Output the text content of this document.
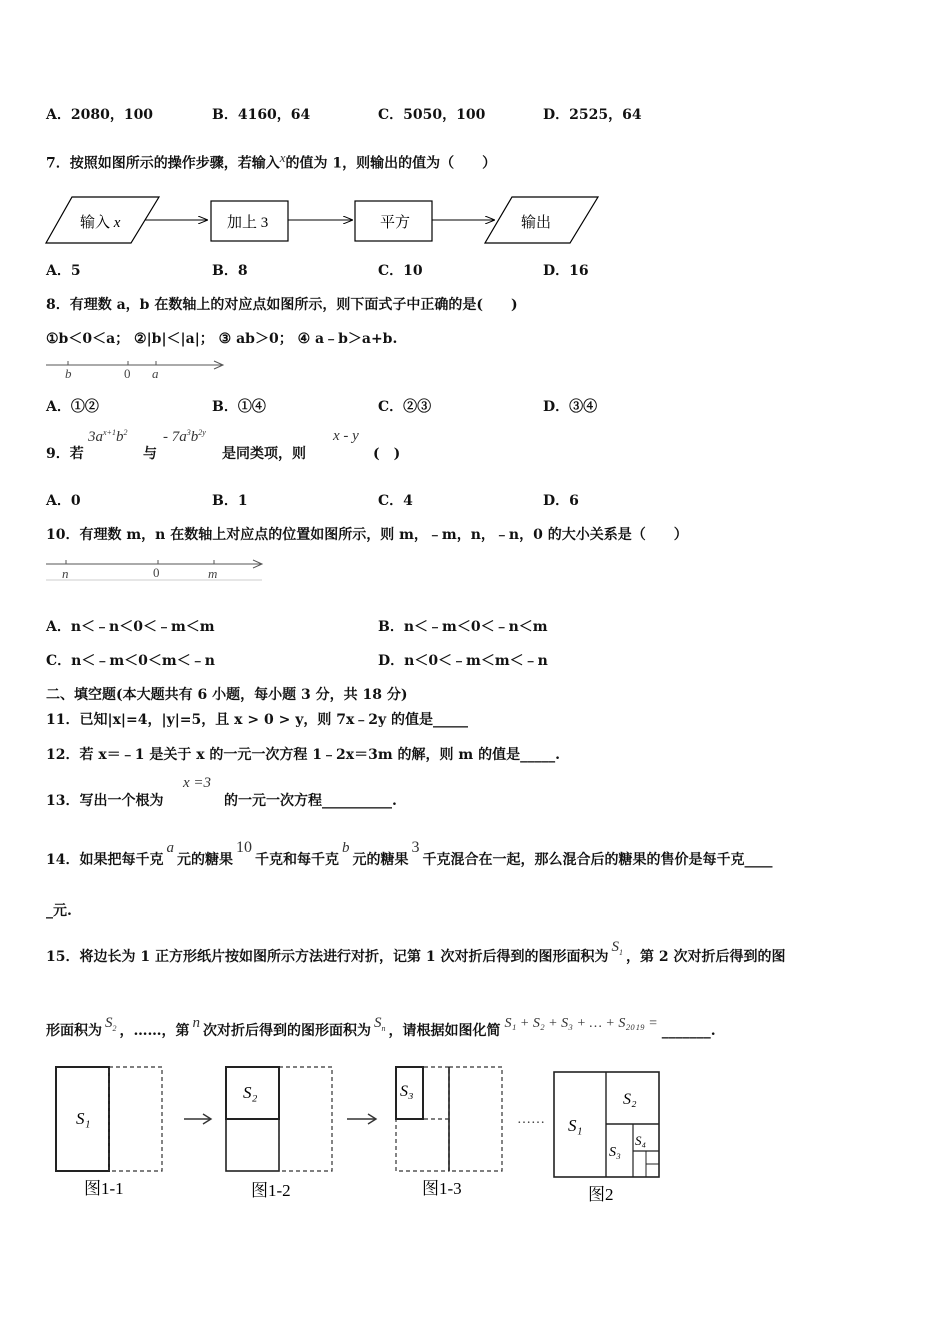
A．2080，100	B．4160，64	C．5050，100	D．2525，64
7．按照如图所示的操作步骤，若输入$^x$的值为 1，则输出的值为（　　）
输入 x	加上 3	平方	输出
A．5	B．8	C．10	D．16
8．有理数 a，b 在数轴上的对应点如图所示，则下面式子中正确的是(　　)
①b＜0＜a； ②|b|＜|a|； ③ ab＞0； ④ a﹣b＞a+b.
b	0 a
A．①②	B．①④	C．②③	D．③④
9．若
$3a^{x+1}b^2$
与
- $7a^3b^{2y}$
是同类项，则
x - y
(　)
A．0	B．1	C．4	D．6
10．有理数 m，n 在数轴上对应点的位置如图所示，则 m，﹣m，n，﹣n，0 的大小关系是（　　）
n	0	m
A．n＜﹣n＜0＜﹣m＜m	B．n＜﹣m＜0＜﹣n＜m
C．n＜﹣m＜0＜m＜﹣n	D．n＜0＜﹣m＜m＜﹣n
二、填空题(本大题共有 6 小题，每小题 3 分，共 18 分)
11．已知|x|=4，|y|=5，且 x > 0 > y，则 7x﹣2y 的值是_____
12．若 x＝﹣1 是关于 x 的一元一次方程 1﹣2x＝3m 的解，则 m 的值是_____.
13．写出一个根为
x =3
的一元一次方程__________.
14．如果把每千克a元的糖果10千克和每千克b元的糖果3千克混合在一起，那么混合后的糖果的售价是每千克____
_元.
15．将边长为 1 正方形纸片按如图所示方法进行对折，记第 1 次对折后得到的图形面积为$S_1$ ，第 2 次对折后得到的图
形面积为 $S_2$ ，……，第 n 次对折后得到的图形面积为 $S_n$ ，请根据如图化简 S₁ + S₂ + S₃ + … + S₂₀₁₉ = _______.
S₁
图1-1
S₂
图1-2
S₃
图1-3
…… S₁
S₂
S₃
S₄
图2
